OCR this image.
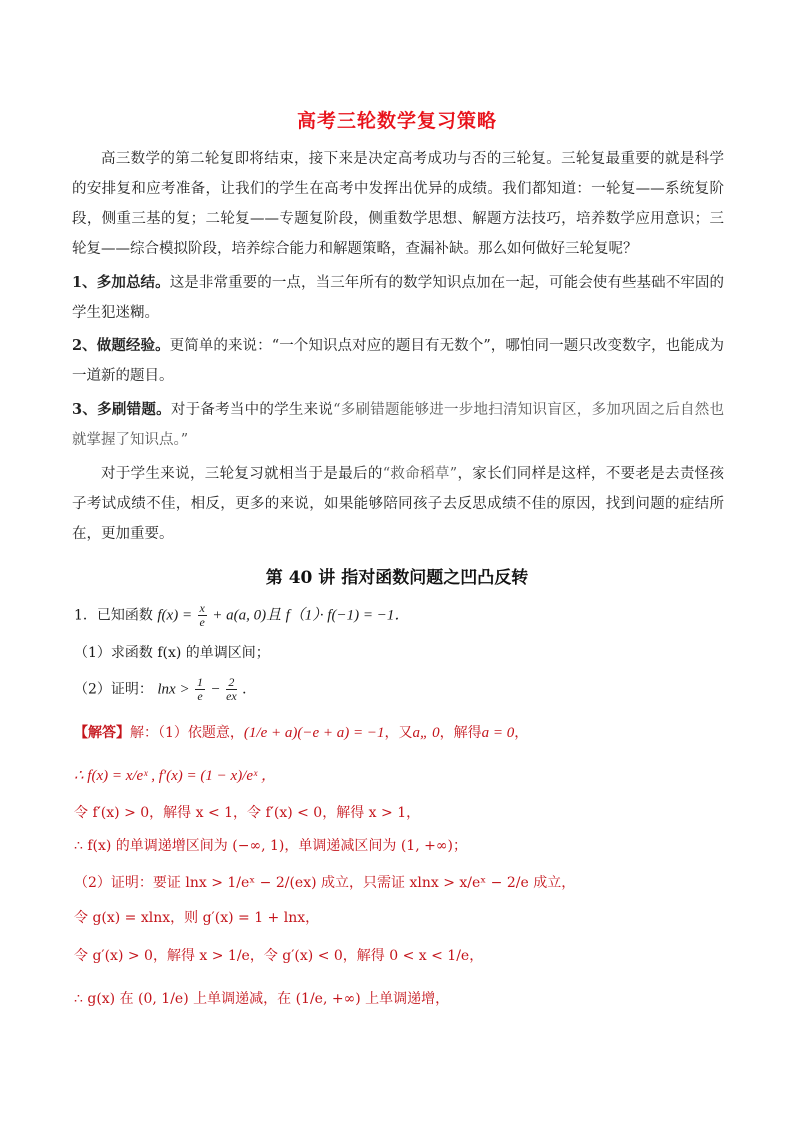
高考三轮数学复习策略
高三数学的第二轮复即将结束，接下来是决定高考成功与否的三轮复。三轮复最重要的就是科学的安排复和应考准备，让我们的学生在高考中发挥出优异的成绩。我们都知道：一轮复——系统复阶段，侧重三基的复；二轮复——专题复阶段，侧重数学思想、解题方法技巧，培养数学应用意识；三轮复——综合模拟阶段，培养综合能力和解题策略，查漏补缺。那么如何做好三轮复呢？
1、多加总结。这是非常重要的一点，当三年所有的数学知识点加在一起，可能会使有些基础不牢固的学生犯迷糊。
2、做题经验。更简单的来说：“一个知识点对应的题目有无数个”，哪怕同一题只改变数字，也能成为一道新的题目。
3、多刷错题。对于备考当中的学生来说“多刷错题能够进一步地扫清知识盲区，多加巩固之后自然也就掌握了知识点。”
对于学生来说，三轮复习就相当于是最后的“救命稻草”，家长们同样是这样，不要老是去责怪孩子考试成绩不佳，相反，更多的来说，如果能够陪同孩子去反思成绩不佳的原因，找到问题的症结所在，更加重要。
第 40 讲 指对函数问题之凹凸反转
1．已知函数 $f(x) = \frac{x}{e} + a(a$, 0)且 f（1）· f(−1) = −1．
（1）求函数 f(x) 的单调区间；
（2）证明： $\ln x > \frac{1}{e} - \frac{2}{ex}$ ．
【解答】解：（1）依题意，(1/e + a)(−e + a) = −1，又a„ 0，解得a = 0，
∴ f(x) = x/eˣ , f′(x) = (1 − x)/eˣ ，
令 f′(x) > 0，解得 x < 1，令 f′(x) < 0，解得 x > 1，
∴ f(x) 的单调递增区间为 (−∞, 1)，单调递减区间为 (1, +∞)；
（2）证明：要证 lnx > 1/eˣ − 2/(ex) 成立，只需证 xlnx > x/eˣ − 2/e 成立，
令 g(x) = xlnx，则 g′(x) = 1 + lnx，
令 g′(x) > 0，解得 x > 1/e，令 g′(x) < 0，解得 0 < x < 1/e，
∴ g(x) 在 (0, 1/e) 上单调递减，在 (1/e, +∞) 上单调递增，
